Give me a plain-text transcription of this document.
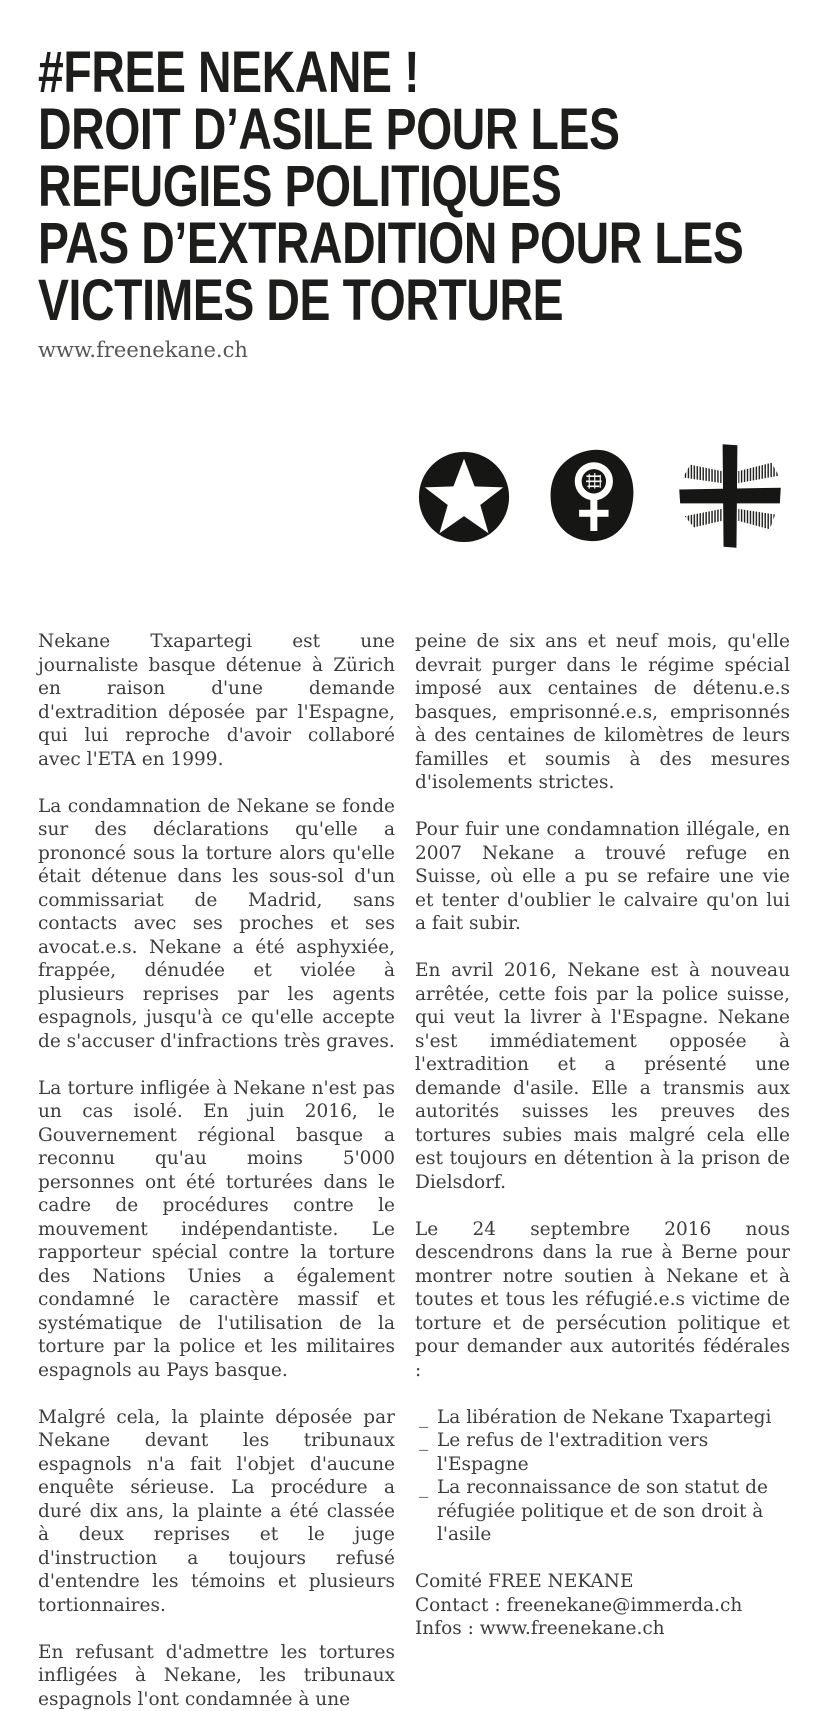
#FREE NEKANE !
DROIT D’ASILE POUR LES
REFUGIES POLITIQUES
PAS D’EXTRADITION POUR LES
VICTIMES DE TORTURE
www.freenekane.ch

Nekane Txapartegi est une journaliste basque détenue à Zürich en raison d'une demande d'extradition déposée par l'Espagne, qui lui reproche d'avoir collaboré avec l'ETA en 1999.

La condamnation de Nekane se fonde sur des déclarations qu'elle a prononcé sous la torture alors qu'elle était détenue dans les sous-sol d'un commissariat de Madrid, sans contacts avec ses proches et ses avocat.e.s. Nekane a été asphyxiée, frappée, dénudée et violée à plusieurs reprises par les agents espagnols, jusqu'à ce qu'elle accepte de s'accuser d'infractions très graves.

La torture infligée à Nekane n'est pas un cas isolé. En juin 2016, le Gouvernement régional basque a reconnu qu'au moins 5'000 personnes ont été torturées dans le cadre de procédures contre le mouvement indépendantiste. Le rapporteur spécial contre la torture des Nations Unies a également condamné le caractère massif et systématique de l'utilisation de la torture par la police et les militaires espagnols au Pays basque.

Malgré cela, la plainte déposée par Nekane devant les tribunaux espagnols n'a fait l'objet d'aucune enquête sérieuse. La procédure a duré dix ans, la plainte a été classée à deux reprises et le juge d'instruction a toujours refusé d'entendre les témoins et plusieurs tortionnaires.

En refusant d'admettre les tortures infligées à Nekane, les tribunaux espagnols l'ont condamnée à une

peine de six ans et neuf mois, qu'elle devrait purger dans le régime spécial imposé aux centaines de détenu.e.s basques, emprisonné.e.s, emprisonnés à des centaines de kilomètres de leurs familles et soumis à des mesures d'isolements strictes.

Pour fuir une condamnation illégale, en 2007 Nekane a trouvé refuge en Suisse, où elle a pu se refaire une vie et tenter d'oublier le calvaire qu'on lui a fait subir.

En avril 2016, Nekane est à nouveau arrêtée, cette fois par la police suisse, qui veut la livrer à l'Espagne. Nekane s'est immédiatement opposée à l'extradition et a présenté une demande d'asile. Elle a transmis aux autorités suisses les preuves des tortures subies mais malgré cela elle est toujours en détention à la prison de Dielsdorf.

Le 24 septembre 2016 nous descendrons dans la rue à Berne pour montrer notre soutien à Nekane et à toutes et tous les réfugié.e.s victime de torture et de persécution politique et pour demander aux autorités fédérales :

_ La libération de Nekane Txapartegi
_ Le refus de l'extradition vers l'Espagne
_ La reconnaissance de son statut de réfugiée politique et de son droit à l'asile
Comité FREE NEKANE
Contact : freenekane@immerda.ch
Infos : www.freenekane.ch
